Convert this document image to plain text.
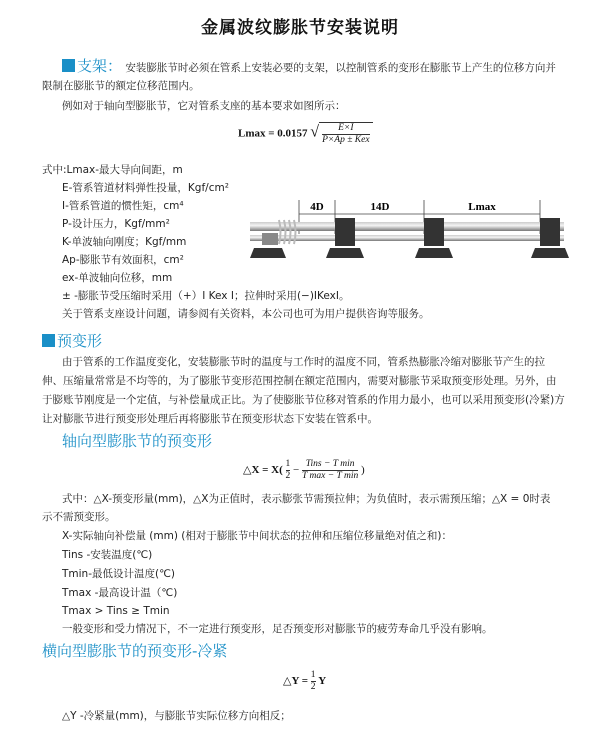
金属波纹膨胀节安装说明
支架： 安装膨胀节时必须在管系上安装必要的支架，以控制管系的变形在膨胀节上产生的位移方向并
限制在膨胀节的额定位移范围内。
例如对于轴向型膨胀节，它对管系支座的基本要求如图所示：
Lmax = 0.0157 √	E×I
P×Ap ± Kex
式中:Lmax-最大导向间距，m
E-管系管道材料弹性投量，Kgf/cm²
I-管系管道的惯性矩，cm⁴
P-设计压力，Kgf/mm²
K-单波轴向刚度；Kgf/mm
Ap-膨胀节有效面积，cm²
ex-单波轴向位移，mm
± -膨胀节受压缩时采用（+）I Kex I；拉伸时采用(−)IKexI。
关于管系支座设计问题，请参阅有关资料，本公司也可为用户提供咨询等服务。
4D	14D	Lmax
预变形
由于管系的工作温度变化，安装膨胀节时的温度与工作时的温度不同，管系热膨胀冷缩对膨胀节产生的拉
伸、压缩量常常是不均等的，为了膨胀节变形范围控制在额定范围内，需要对膨胀节采取预变形处理。另外，由
于膨账节刚度是一个定值，与补偿量成正比。为了使膨胀节位移对管系的作用力最小，也可以采用预变形(冷紧)方
让对膨胀节进行预变形处理后再将膨胀节在预变形状态下安装在管系中。
轴向型膨胀节的预变形
△X = $X( \frac{1}{2}$ −
Tins − T min
T max − T min )
式中：△X-预变形量(mm)，△X为正值时，表示膨张节需预拉伸；为负值时，表示需预压缩；△X = 0时表
示不需预变形。
X-实际轴向补偿量 (mm) (相对于膨胀节中间状态的拉伸和压缩位移量绝对值之和)：
Tins -安装温度(℃)
Tmin-最低设计温度(℃)
Tmax -最高设计温（℃)
Tmax > Tins ≥ Tmin
一般变形和受力情况下，不一定进行预变形，足否预变形对膨胀节的疲劳寿命几乎没有影响。
横向型膨胀节的预变形-冷紧
△Y = $\frac{1}{2}$ Y
△Y -冷紧量(mm)，与膨胀节实际位移方向相反；
